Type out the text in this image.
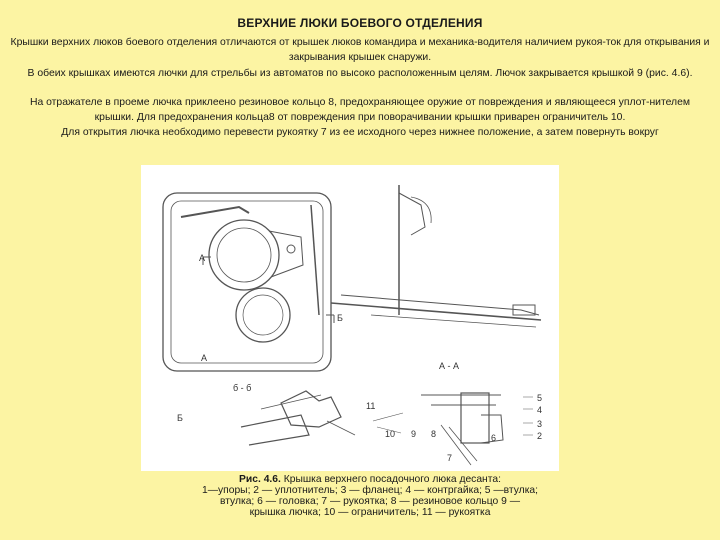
ВЕРХНИЕ ЛЮКИ БОЕВОГО ОТДЕЛЕНИЯ
Крышки верхних люков боевого отделения отличаются от крышек люков командира и механика-водителя наличием рукоя-ток для открывания и закрывания крышек снаружи.
В обеих крышках имеются лючки для стрельбы из автоматов по высоко расположенным целям. Лючок закрывается крышкой 9 (рис. 4.6).
На отражателе в проеме лючка приклеено резиновое кольцо 8, предохраняющее оружие от повреждения и являющееся уплот-нителем крышки. Для предохранения кольца8 от повреждения при поворачивании крышки приварен ограничитель 10.
Для открытия лючка необходимо перевести рукоятку 7 из ее исходного через нижнее положение, а затем повернуть вокруг
А
Б
А
Б
А - А
б - б
11
10 9 8
7
6
5
4
3
2
Рис. 4.6. Крышка верхнего посадочного люка десанта:
1—упоры; 2 — уплотнитель; 3 — фланец; 4 — контргайка; 5 —втулка;
втулка; 6 — головка; 7 — рукоятка; 8 — резиновое кольцо 9 —
крышка лючка; 10 — ограничитель; 11 — рукоятка
